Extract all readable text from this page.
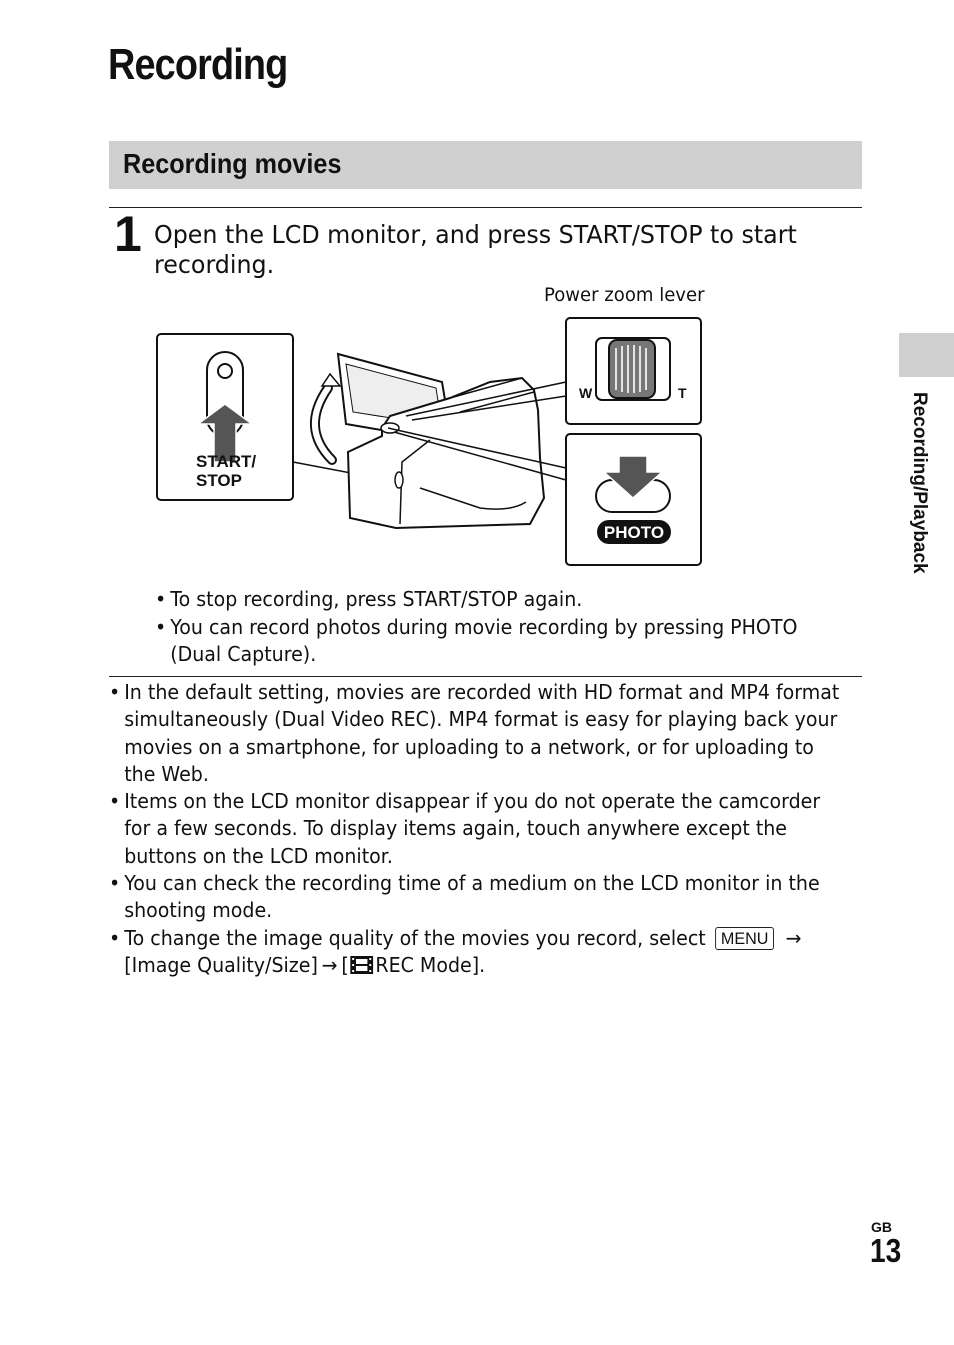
Recording
Recording movies
1 Open the LCD monitor, and press START/STOP to start recording.
Power zoom lever
START/
STOP
W	T
PHOTO
• To stop recording, press START/STOP again.
• You can record photos during movie recording by pressing PHOTO (Dual Capture).
• In the default setting, movies are recorded with HD format and MP4 format simultaneously (Dual Video REC). MP4 format is easy for playing back your movies on a smartphone, for uploading to a network, or for uploading to the Web.
• Items on the LCD monitor disappear if you do not operate the camcorder for a few seconds. To display items again, touch anywhere except the buttons on the LCD monitor.
• You can check the recording time of a medium on the LCD monitor in the shooting mode.
• To change the image quality of the movies you record, select MENU →
[Image Quality/Size] → [ REC Mode].
Recording/Playback
GB
13
